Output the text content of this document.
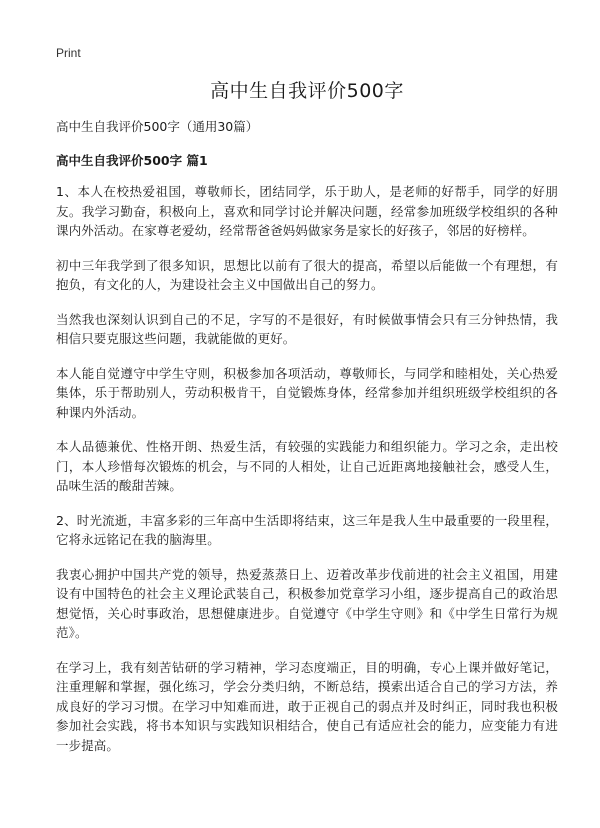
Print
高中生自我评价500字

高中生自我评价500字（通用30篇）

高中生自我评价500字 篇1

1、本人在校热爱祖国，尊敬师长，团结同学，乐于助人，是老师的好帮手，同学的好朋友。我学习勤奋，积极向上，喜欢和同学讨论并解决问题，经常参加班级学校组织的各种课内外活动。在家尊老爱幼，经常帮爸爸妈妈做家务是家长的好孩子，邻居的好榜样。

初中三年我学到了很多知识，思想比以前有了很大的提高，希望以后能做一个有理想，有抱负，有文化的人，为建设社会主义中国做出自己的努力。

当然我也深刻认识到自己的不足，字写的不是很好，有时候做事情会只有三分钟热情，我相信只要克服这些问题，我就能做的更好。

本人能自觉遵守中学生守则，积极参加各项活动，尊敬师长，与同学和睦相处，关心热爱集体，乐于帮助别人，劳动积极肯干，自觉锻炼身体，经常参加并组织班级学校组织的各种课内外活动。

本人品德兼优、性格开朗、热爱生活，有较强的实践能力和组织能力。学习之余，走出校门，本人珍惜每次锻炼的机会，与不同的人相处，让自己近距离地接触社会，感受人生，品味生活的酸甜苦辣。

2、时光流逝，丰富多彩的三年高中生活即将结束，这三年是我人生中最重要的一段里程，它将永远铭记在我的脑海里。

我衷心拥护中国共产党的领导，热爱蒸蒸日上、迈着改革步伐前进的社会主义祖国，用建设有中国特色的社会主义理论武装自己，积极参加党章学习小组，逐步提高自己的政治思想觉悟，关心时事政治，思想健康进步。自觉遵守《中学生守则》和《中学生日常行为规范》。

在学习上，我有刻苦钻研的学习精神，学习态度端正，目的明确，专心上课并做好笔记，注重理解和掌握，强化练习，学会分类归纳，不断总结，摸索出适合自己的学习方法，养成良好的学习习惯。在学习中知难而进，敢于正视自己的弱点并及时纠正，同时我也积极参加社会实践，将书本知识与实践知识相结合，使自己有适应社会的能力，应变能力有进一步提高。
